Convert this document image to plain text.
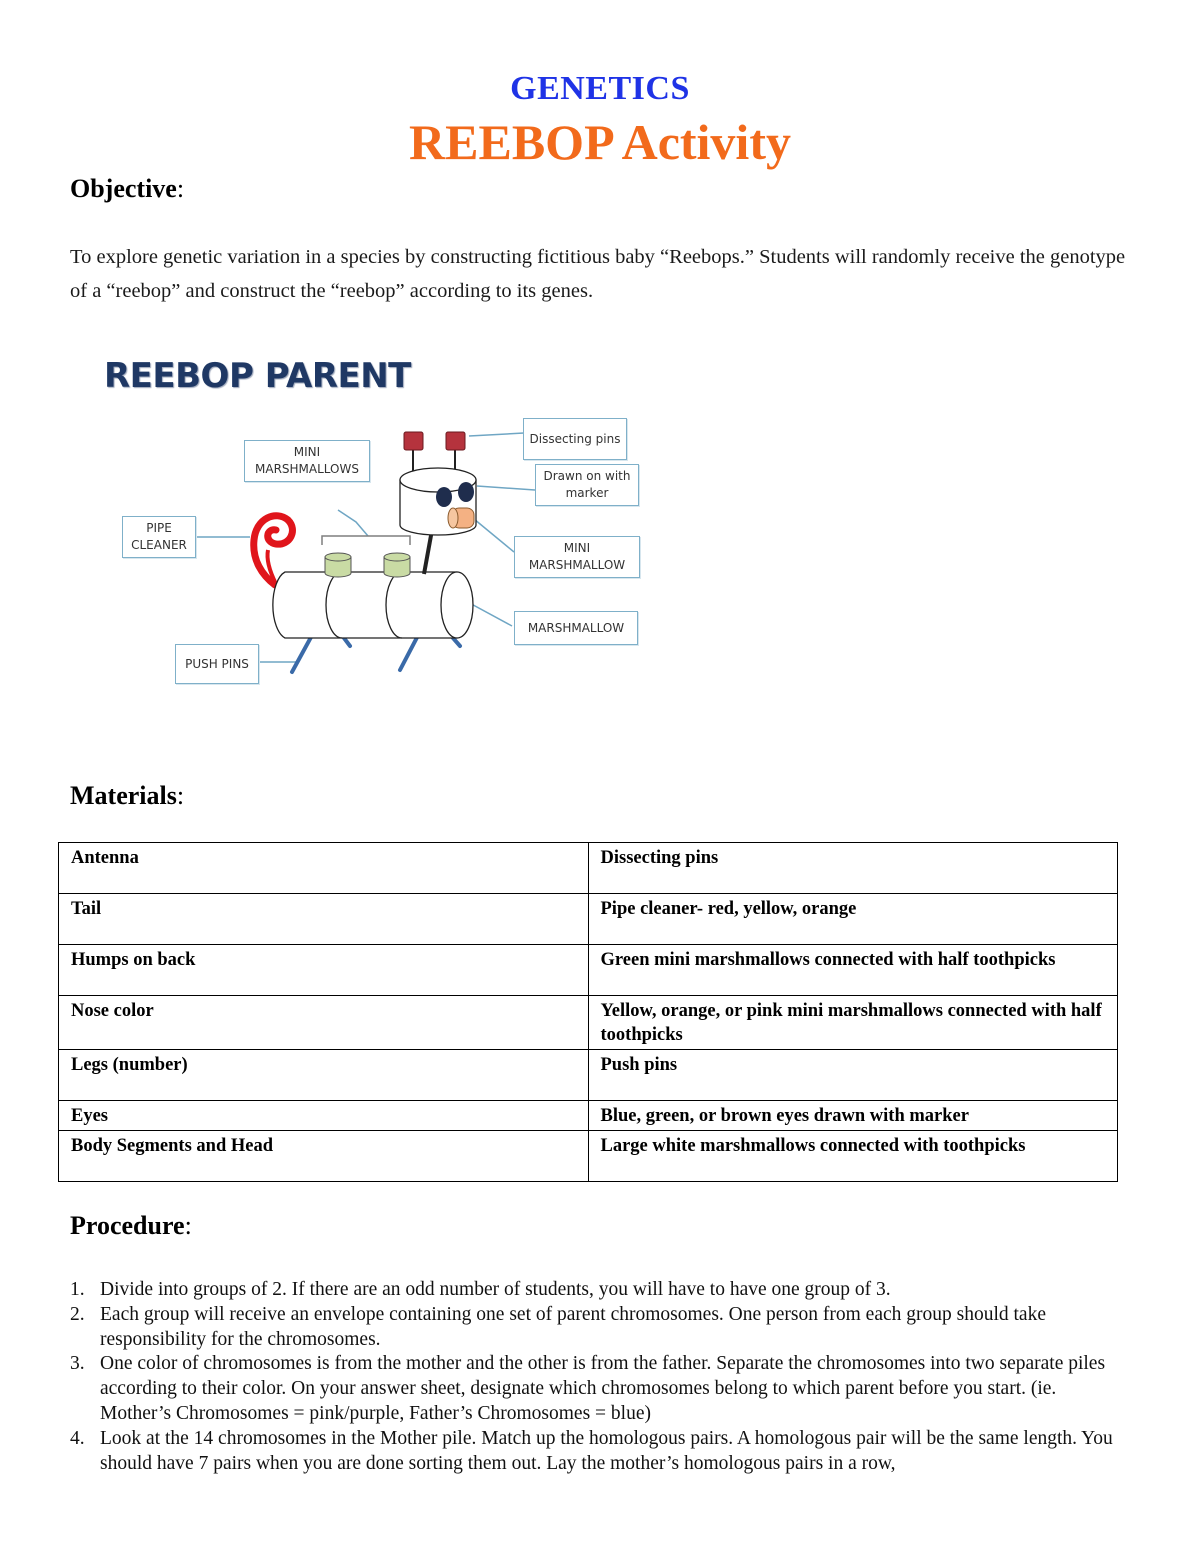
GENETICS
REEBOP Activity
Objective:
To explore genetic variation in a species by constructing fictitious baby “Reebops.” Students will randomly receive the genotype of a “reebop” and construct the “reebop” according to its genes.
REEBOP PARENT
Dissecting pins
Drawn on with marker
MINI MARSHMALLOWS
PIPE CLEANER	MINI MARSHMALLOW
MARSHMALLOW
PUSH PINS
Materials:
Antenna	Dissecting pins
Tail	Pipe cleaner- red, yellow, orange
Humps on back	Green mini marshmallows connected with half toothpicks
Nose color	Yellow, orange, or pink mini marshmallows connected with half toothpicks
Legs (number)	Push pins
Eyes	Blue, green, or brown eyes drawn with marker
Body Segments and Head	Large white marshmallows connected with toothpicks
Procedure:
1. Divide into groups of 2. If there are an odd number of students, you will have to have one group of 3.
2. Each group will receive an envelope containing one set of parent chromosomes. One person from each group should take responsibility for the chromosomes.
3. One color of chromosomes is from the mother and the other is from the father. Separate the chromosomes into two separate piles according to their color. On your answer sheet, designate which chromosomes belong to which parent before you start. (ie. Mother’s Chromosomes = pink/purple, Father’s Chromosomes = blue)
4. Look at the 14 chromosomes in the Mother pile. Match up the homologous pairs. A homologous pair will be the same length. You should have 7 pairs when you are done sorting them out. Lay the mother’s homologous pairs in a row,
